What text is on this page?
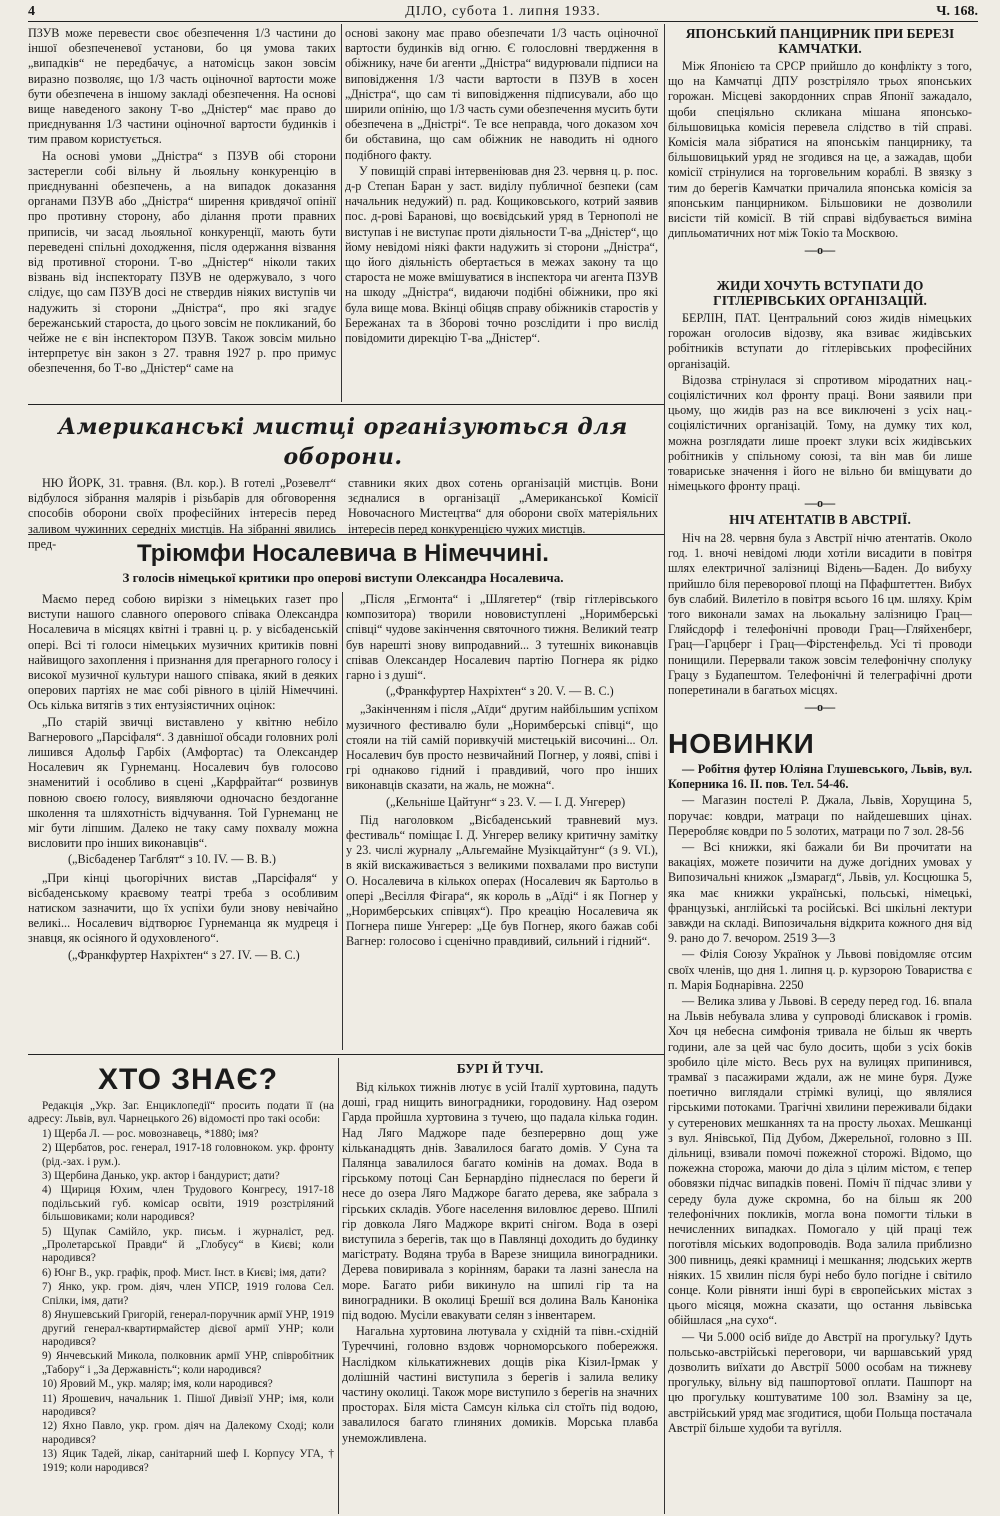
4	ДІЛО, субота 1. липня 1933.	Ч. 168.

ПЗУВ може перевести своє обезпечення 1/3 частини до іншої обезпеченевої установи, бо ця умова таких „випадків“ не передбачує, а натомісць закон зовсім виразно позволяє, що 1/3 часть оціночної вартости може бути обезпечена в іншому закладі обезпечення. На основі вище наведеного закону Т-во „Дністер“ має право до приєднування 1/3 частини оціночної вартости будинків і тим правом користується.

На основі умови „Дністра“ з ПЗУВ обі сторони застерегли собі вільну й льояльну конкуренцію в приєднуванні обезпечень, а на випадок доказання органами ПЗУВ або „Дністра“ ширення кривдячої опінії про противну сторону, або ділання проти правних приписів, чи засад льояльної конкуренції, мають бути переведені спільні доходження, після одержання візвання від противної сторони. Т-во „Дністер“ ніколи таких візвань від інспекторату ПЗУВ не одержувало, з чого слідує, що сам ПЗУВ досі не ствердив ніяких виступів чи надужить зі сторони „Дністра“, про які згадує бережанський староста, до цього зовсім не покликаний, бо чейже не є він інспектором ПЗУВ. Також зовсім мильно інтерпретує він закон з 27. травня 1927 р. про примус обезпечення, бо Т-во „Дністер“ саме на

основі закону має право обезпечати 1/3 часть оціночної вартости будинків від огню. Є голословні твердження в обіжнику, наче би агенти „Дністра“ видурювали підписи на виповідження 1/3 части вартости в ПЗУВ в хосен „Дністра“, що сам ті виповідження підписували, або що ширили опінію, що 1/3 часть суми обезпечення мусить бути обезпечена в „Дністрі“. Те все неправда, чого доказом хоч би обставина, що сам обіжник не наводить ні одного подібного факту.

У повищій справі інтервеніював дня 23. червня ц. р. пос. д-р Степан Баран у заст. виділу публичної безпеки (сам начальник недужий) п. рад. Кощиковського, котрий заявив пос. д-рові Барановi, що воєвідський уряд в Тернополі не виступав і не виступає проти діяльности Т-ва „Дністер“, що йому невідомі ніякі факти надужить зі сторони „Дністра“, що його діяльність обертається в межах закону та що староста не може вмішуватися в інспектора чи агента ПЗУВ на шкоду „Дністра“, видаючи подібні обіжники, про які була вище мова. Вкінці обіцяв справу обіжників старостів у Бережанах та в Зборові точно розслідити і про вислід повідомити дирекцію Т-ва „Дністер“.

ЯПОНСЬКИЙ ПАНЦИРНИК ПРИ БЕРЕЗІ КАМЧАТКИ.

Між Японією та СРСР прийшло до конфлікту з того, що на Камчатці ДПУ розстріляло трьох японських горожан. Місцеві закордонних справ Японії зажадало, щоби спеціяльно скликана мішана японсько-більшовицька комісія перевела слідство в тій справі. Комісія мала зібратися на японськім панцирнику, та більшовицький уряд не згодився на це, а зажадав, щоби комісії стрінулися на торговельним кораблі. В звязку з тим до берегів Камчатки причалила японська комісія за японським панцирником. Більшовики не дозволили висісти тій комісії. В тій справі відбувається виміна дипльоматичних нот між Токіо та Москвою.

—o—
ЖИДИ ХОЧУТЬ ВСТУПАТИ ДО ГІТЛЕРІВСЬКИХ ОРГАНІЗАЦІЙ.

БЕРЛІН, ПАТ. Центральний союз жидів німецьких горожан оголосив відозву, яка взиває жидівських робітників вступати до гітлерівських професійних організацій.

Відозва стрінулася зі спротивом міродатних нац.-соціялістичних кол фронту праці. Вони заявили при цьому, що жидів раз на все виключені з усіх нац.-соціялістичних організацій. Тому, на думку тих кол, можна розглядати лише проект злуки всіх жидівських робітників у спільному союзі, та він мав би лише товариське значення і його не вільно би вміщувати до німецького фронту праці.

—o—
Американські мистці організуються для оборони.

НЮ ЙОРК, 31. травня. (Вл. кор.). В готелі „Розевелт“ відбулося зібрання малярів і різьбарів для обговорення способів оборони своїх професійних інтересів перед заливом чужинних середніх мистців. На зібранні явились пред-

ставники яких двох сотень організацій мистців. Вони зєдналися в організації „Американської Комісії Новочасного Мистецтва“ для оборони своїх матеріяльних інтересів перед конкуренцією чужих мистців.

Тріюмфи Носалевича в Німеччині.
З голосів німецької критики про оперові виступи Олександра Носалевича.

Маємо перед собою вирізки з німецьких газет про виступи нашого славного оперового співака Олександра Носалевича в місяцях квітні і травні ц. р. у вісбаденській опері. Всі ті голоси німецьких музичних критиків повні найвищого захоплення і признання для прегарного голосу і високої музичної культури нашого співака, який в деяких оперових партіях не має собі рівного в цілій Німеччині. Ось кілька витягів з тих ентузіястичних оцінок:

„По старій звичці виставлено у квітню небіло Вагнерового „Парсіфаля“. З давнішої обсади головних ролі лишився Адольф Гарбіх (Амфортас) та Олександер Носалевич як Гурнеманц. Носалевич був голосово знаменитий і особливо в сцені „Карфрайтаг“ розвинув повною своєю голосу, виявляючи одночасно бездоганне школення та шляхотність відчування. Той Гурнеманц не міг бути ліпшим. Далеко не таку саму похвалу можна висловити про інших виконавців“.

(„Вісбаденер Тагблят“ з 10. IV. — В. В.)

„При кінці цьогорічних вистав „Парсіфаля“ у вісбаденському краєвому театрі треба з особливим натиском зазначити, що їх успіхи були знову невічайно великі... Носалевич відтворює Гурнеманца як мудреця і знавця, як осіяного й одуховленого“.

(„Франкфуртер Нахріхтен“ з 27. IV. — В. С.)

„Після „Егмонта“ і „Шлягетер“ (твір гітлерівського композитора) творили нововиступлені „Норимберські співці“ чудове закінчення святочного тижня. Великий театр був нарешті знову випродавний... З тутешніх виконавців співав Олександер Носалевич партію Погнера як рідко гарно і з душі“.

(„Франкфуртер Нахріхтен“ з 20. V. — В. С.)

„Закінченням і після „Аїди“ другим найбільшим успіхом музичного фестивалю були „Норимберські співці“, що стояли на тій самій поривкучій мистецькій височині... Ол. Носалевич був просто незвичайний Погнер, у лояві, співі і грі однаково гідний і правдивий, чого про інших виконавців сказати, на жаль, не можна“.

(„Кельніше Цайтунг“ з 23. V. — І. Д. Унгерер)

Під наголовком „Вісбаденський травневий муз. фестиваль“ поміщає І. Д. Унгерер велику критичну замітку у 23. числі журналу „Альгемайне Музікцайтунг“ (з 9. VI.), в якій вискаживається з великими похвалами про виступи О. Носалевича в кількох операх (Носалевич як Бартольо в опері „Весілля Фігара“, як король в „Аїді“ і як Погнер у „Норимберських співцях“). Про креацію Носалевича як Погнера пише Унгерер: „Це був Погнер, якого бажав собі Вагнер: голосово і сценічно правдивий, сильний і гідний“.

НІЧ АТЕНТАТІВ В АВСТРІЇ.

Ніч на 28. червня була з Австрії нічю атентатів. Около год. 1. вночі невідомі люди хотіли висадити в повітря шлях електричної залізниці Відень—Баден. До вибуху прийшло біля переворової площі на Пфафштеттен. Вибух був слабий. Вилетіло в повітря всього 16 цм. шляху. Крім того виконали замах на льокальну залізницю Грац—Гляйсдорф і телефонічні проводи Грац—Гляйхенберг, Грац—Гарцберг і Грац—Фірстенфельд. Усі ті проводи понищили. Перервали також зовсім телефонічну сполуку Грацу з Будапештом. Телефонічні й телеграфічні дроти поперетинали в багатьох місцях.

—o—
НОВИНКИ

— Робітня футер Юліяна Глушевського, Львів, вул. Коперника 16. II. пов. Тел. 54-46.

— Магазин постелі Р. Джала, Львів, Хорущина 5, поручає: ковдри, матраци по найдешевших цінах. Переробляє ковдри по 5 золотих, матраци по 7 зол. 28-56

— Всі книжки, які бажали би Ви прочитати на вакаціях, можете позичити на дуже догідних умовах у Випозичальні книжок „Ізмарагд“, Львів, ул. Косцюшка 5, яка має книжки українські, польські, німецькі, французькі, англійські та російські. Всі шкільні лектури завжди на складі. Випозичальня відкрита кожного дня від 9. рано до 7. вечором. 2519 3—3

— Філія Союзу Українок у Львові повідомляє отсим своїх членів, що дня 1. липня ц. р. курзорою Товариства є п. Марія Боднарівна. 2250

— Велика злива у Львові. В середу перед год. 16. впала на Львів небувала злива у супроводі блискавок і громів. Хоч ця небесна симфонія тривала не більш як чверть години, але за цей час було досить, щоби з усіх боків зробило ціле місто. Весь рух на вулицях припинився, трамваї з пасажирами ждали, аж не мине буря. Дуже поетично виглядали стрімкі вулиці, що являлися гірськими потоками. Трагічні хвилини переживали бідаки у сутеренових мешканнях та на просту льохах. Мешканці з вул. Янівської, Під Дубом, Джерельної, головно з III. дільниці, взивали помочі пожежної сторожі. Відомо, що пожежна сторожа, маючи до діла з цілим містом, є тепер обовязки підчас випадків повені. Поміч її підчас зливи у середу була дуже скромна, бо на більш як 200 телефонічних покликів, могла вона помогти тільки в нечисленних випадках. Помогало у цій праці теж поготівля міських водопроводів. Вода залила приблизно 300 пивниць, деякі крамниці і мешкання; людських жертв ніяких. 15 хвилин після бурі небо було погідне і світило сонце. Коли рівняти інші бурі в європейських містах з цього місяця, можна сказати, що остання львівська обійшлася „на сухо“.

— Чи 5.000 осіб виїде до Австрії на прогульку? Ідуть польсько-австрійські переговори, чи варшавський уряд дозволить виїхати до Австрії 5000 особам на тижневу прогульку, вільну від пашпортової оплати. Пашпорт на цю прогульку коштуватиме 100 зол. Взаміну за це, австрійський уряд має згодитися, щоби Польща постачала Австрії більше худоби та вугілля.

ХТО ЗНАЄ?

Редакція „Укр. Заг. Енциклопедії“ просить подати її (на адресу: Львів, вул. Чарнецького 26) відомості про такі особи:

1) Щерба Л. — рос. мовознавець, *1880; імя?

2) Щербатов, рос. генерал, 1917-18 головноком. укр. фронту (рід.-зах. і рум.).

3) Щербина Данько, укр. актор і бандурист; дати?

4) Щириця Юхим, член Трудового Конгресу, 1917-18 подільський губ. комісар освіти, 1919 розстріляний більшовиками; коли народився?

5) Щупак Самійло, укр. письм. і журналіст, ред. „Пролетарської Правди“ й „Глобусу“ в Києві; коли народився?

6) Юнг В., укр. графік, проф. Мист. Інст. в Києві; імя, дати?

7) Янко, укр. гром. діяч, член УПСР, 1919 голова Сел. Спілки, імя, дати?

8) Янушевський Григорій, генерал-поручник армії УНР, 1919 другий генерал-квартирмайстер дієвої армії УНР; коли народився?

9) Янчевський Микола, полковник армії УНР, співробітник „Табору“ і „За Державність“; коли народився?

10) Яровий М., укр. маляр; імя, коли народився?

11) Ярошевич, начальник 1. Пішої Дивізії УНР; імя, коли народився?

12) Яхно Павло, укр. гром. діяч на Далекому Сході; коли народився?

13) Яцик Тадей, лікар, санітарний шеф І. Корпусу УГА, † 1919; коли народився?

БУРІ Й ТУЧІ.

Від кількох тижнів лютує в усій Італії хуртовина, падуть доші, град нищить виноградники, городовину. Над озером Гарда пройшла хуртовина з тучею, що падала кілька годин. Над Ляго Маджоре паде безперервно дощ уже кільканадцять днів. Завалилося багато домів. У Суна та Палянца завалилося багато комінів на домах. Вода в гірському потоці Сан Бернардіно піднеслася по береги й несе до озера Ляго Маджоре багато дерева, яке забрала з гірських складів. Убоге населення виловлює дерево. Шпилі гір довкола Ляго Маджоре вкриті снігом. Вода в озері виступила з берегів, так що в Павлянці доходить до будинку магістрату. Водяна труба в Варезе знищила виноградники. Дерева повиривала з корінням, бараки та лазні занесла на море. Багато риби викинуло на шпилі гір та на виноградники. В околиці Брешії вся долина Валь Каноніка під водою. Мусіли евакувати селян з інвентарем.

Нагальна хуртовина лютувала у східній та півн.-східній Туреччині, головно вздовж чорноморського побережжя. Наслідком кількатижневих дощів ріка Кізил-Ірмак у долішній частині виступила з берегів і залила велику частину околиці. Також море виступило з берегів на значних просторах. Біля міста Самсун кілька сіл стоїть під водою, завалилося багато глиняних домиків. Морська плавба унеможливлена.
